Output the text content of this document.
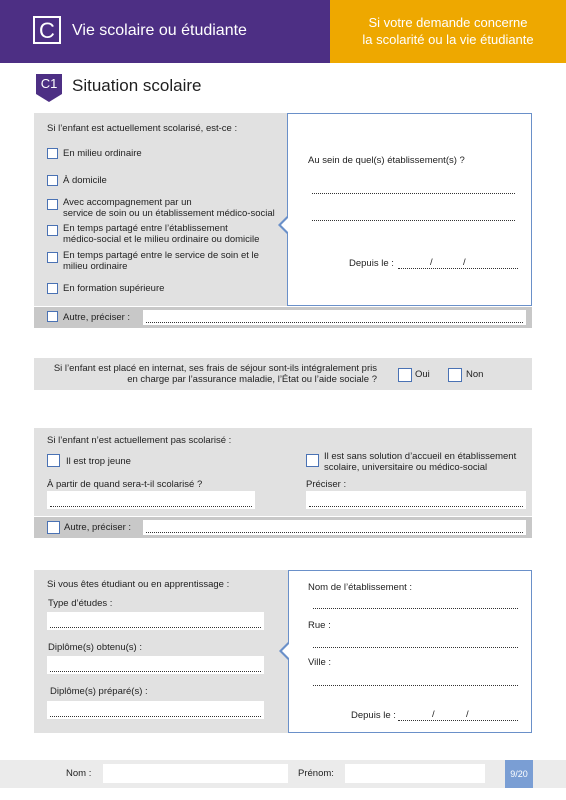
C	Vie scolaire ou étudiante	Si votre demande concerne
la scolarité ou la vie étudiante
C1 Situation scolaire
Si l’enfant est actuellement scolarisé, est-ce :
En milieu ordinaire
À domicile
Avec accompagnement par un
service de soin ou un établissement médico-social
En temps partagé entre l’établissement
médico-social et le milieu ordinaire ou domicile
En temps partagé entre le service de soin et le
milieu ordinaire
En formation supérieure
Au sein de quel(s) établissement(s) ?
Depuis le :	/	/
Autre, préciser :
Si l’enfant est placé en internat, ses frais de séjour sont-ils intégralement pris
en charge par l’assurance maladie, l’État ou l’aide sociale ?	Oui	Non
Si l’enfant n’est actuellement pas scolarisé :
Il est trop jeune
À partir de quand sera-t-il scolarisé ?
Il est sans solution d’accueil en établissement
scolaire, universitaire ou médico-social
Préciser :
Autre, préciser :
Si vous êtes étudiant ou en apprentissage :
Type d’études :
Diplôme(s) obtenu(s) :
Diplôme(s) préparé(s) :
Nom de l’établissement :
Rue :
Ville :
Depuis le :	/	/
Nom :	Prénom:	9/20
